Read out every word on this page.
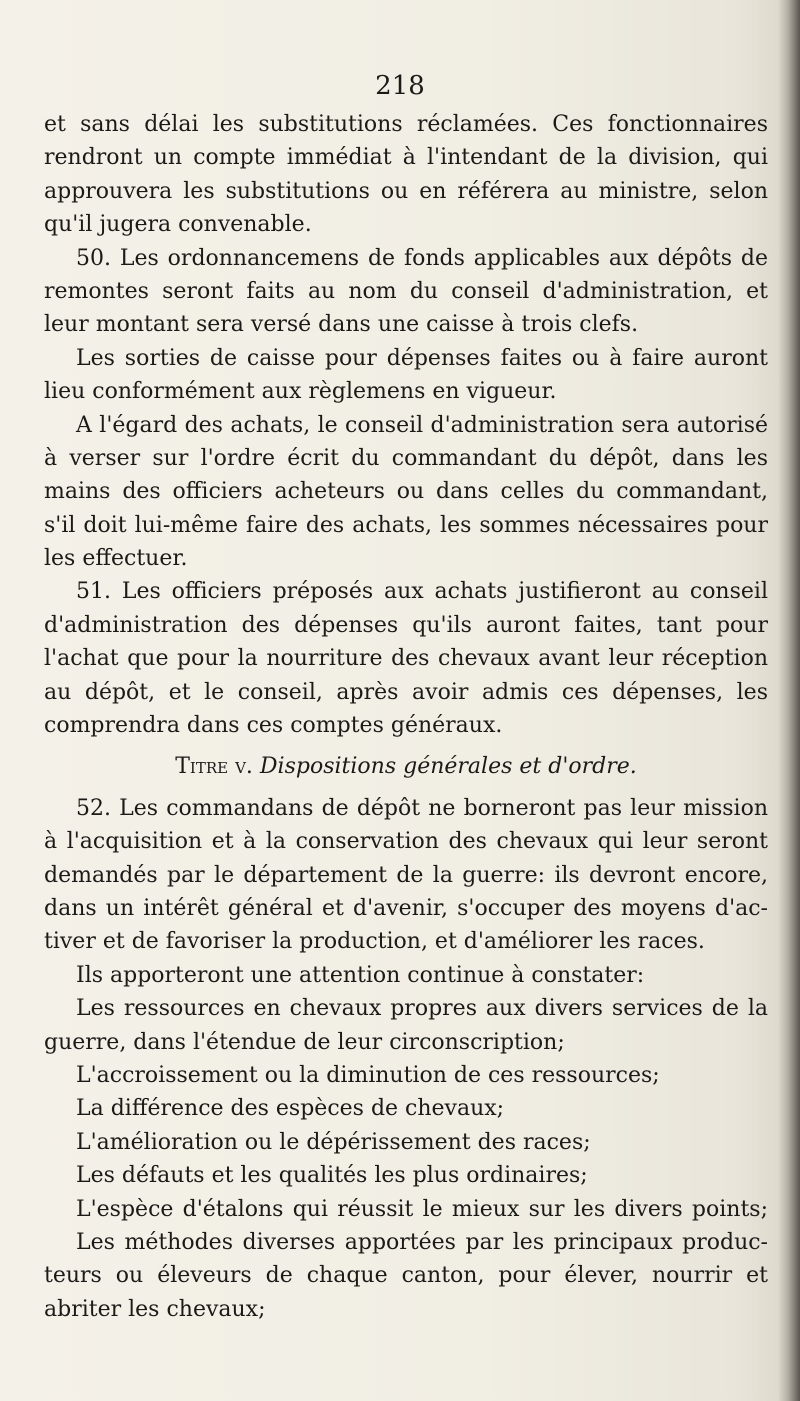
218
et sans délai les substitutions réclamées. Ces fonctionnaires
rendront un compte immédiat à l'intendant de la division, qui
approuvera les substitutions ou en référera au ministre, selon
qu'il jugera convenable.
50. Les ordonnancemens de fonds applicables aux dépôts de
remontes seront faits au nom du conseil d'administration, et
leur montant sera versé dans une caisse à trois clefs.
Les sorties de caisse pour dépenses faites ou à faire auront
lieu conformément aux règlemens en vigueur.
A l'égard des achats, le conseil d'administration sera autorisé
à verser sur l'ordre écrit du commandant du dépôt, dans les
mains des officiers acheteurs ou dans celles du commandant,
s'il doit lui-même faire des achats, les sommes nécessaires pour
les effectuer.
51. Les officiers préposés aux achats justifieront au conseil
d'administration des dépenses qu'ils auront faites, tant pour
l'achat que pour la nourriture des chevaux avant leur réception
au dépôt, et le conseil, après avoir admis ces dépenses, les
comprendra dans ces comptes généraux.
Titre v. Dispositions générales et d'ordre.
52. Les commandans de dépôt ne borneront pas leur mission
à l'acquisition et à la conservation des chevaux qui leur seront
demandés par le département de la guerre: ils devront encore,
dans un intérêt général et d'avenir, s'occuper des moyens d'ac-
tiver et de favoriser la production, et d'améliorer les races.
Ils apporteront une attention continue à constater:
Les ressources en chevaux propres aux divers services de la
guerre, dans l'étendue de leur circonscription;
L'accroissement ou la diminution de ces ressources;
La différence des espèces de chevaux;
L'amélioration ou le dépérissement des races;
Les défauts et les qualités les plus ordinaires;
L'espèce d'étalons qui réussit le mieux sur les divers points;
Les méthodes diverses apportées par les principaux produc-
teurs ou éleveurs de chaque canton, pour élever, nourrir et
abriter les chevaux;
